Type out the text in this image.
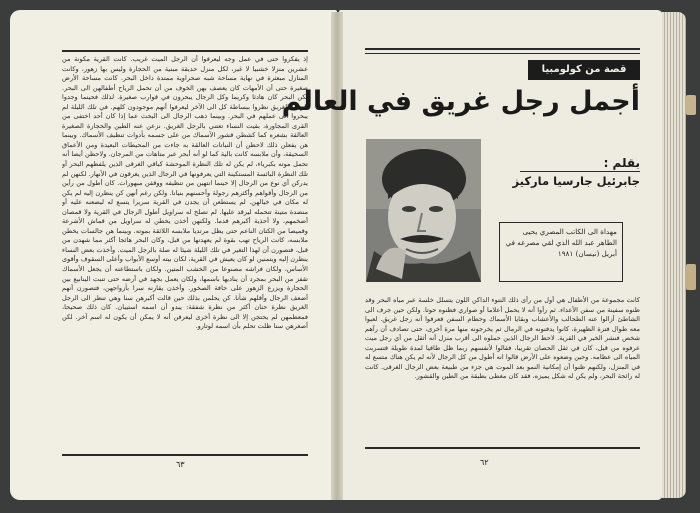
إذ يفكروا حتى في عمل وجه ليعرفوا أن الرجل الميت غريب. كانت القرية مكونة من عشرين منزلا خشبيا لا غير، لكل منزل حديقة مبنية من الحجارة وليس بها زهور، وكانت المنازل مبعثرة في نهاية مساحة شبه صحراوية ممتدة داخل البحر. كانت مساحة الأرض صغيرة حتى أن الأمهات كان يعصف بهن الخوف من أن تحمل الرياح أطفالهن الى البحر. لكن البحر كان هادئا وكريما وكل الرجال يبحرون في قوارب صغيرة. لذلك فحينما وجدوا الرجل الغريق نظروا ببساطة كل الى الآخر ليعرفوا أنهم موجودون كلهم. في تلك الليلة لم يبحروا الى عملهم في البحر. وبينما ذهب الرجال الى البحث عما إذا كان أحد اختفى من القرى المجاورة، بقيت النساء تعتني بالرجل الغريق. نزعن عنه الطين والحجارة الصغيرة العالقة بشعره كما كشطن قشور الأسماك من على جسمه بأدوات تنظيف الأسماك. وبينما هن يفعلن ذلك لاحظن أن النباتات العالقة به جاءت من المحيطات البعيدة ومن الأعماق السحيقة، وأن ملابسه كانت بالية كما لو أنه أبحر عبر متاهات من المرجان. ولاحظن أيضا أنه تحمل موته بكبرياء، لم يكن له تلك النظرة الموحشة كباقي الغرقى الذين يلفظهم البحر أو تلك النظرة البائسة المستكينة التي يعرفونها في الرجال الذين يغرقون في الأنهار. لكنهن لم يدركن أي نوع من الرجال إلا حينما انتهين من تنظيفه ووقفن مبهورات. كان أطول من رأين من الرجال وأقواهم وأكثرهم رجولة وأحسنهم بنيانا. ولكن رغم أنهن كن ينظرن إليه لم يكن له مكان في خيالهن. لم يستطعن أن يجدن في القرية سريرا يتسع له ليضعنه عليه أو منضدة متينة تتحمله ليرقد عليها. لم تصلح له سراويل أطول الرجال في القرية ولا قمصان أضخمهم، ولا أحذية أكبرهم قدما. ولكنهن أخذن يخطن له سراويل من قماش الأشرعة وقميصا من الكتان الناعم حتى يظل مرتديا ملابسه اللائقة بموته. وبينما هن جالسات يخطن ملابسه، كانت الرياح تهب بقوة لم يعهدنها من قبل، وكان البحر هائجا أكثر مما شهدن من قبل، فتصورن أن لهذا التغير في تلك الليلة شيئا له صلة بالرجل الميت. وأخذت بعض النساء ينظرن إليه ويتمنين لو كان يعيش في القرية، لكان بيته أوسع الأبواب وأعلى السقوف وأقوى الأساس، ولكان فراشه مصنوعا من الخشب المتين. ولكان باستطاعته أن يجعل الأسماك تقفز من البحر بمجرد أن يناديها باسمها، ولكان يعمل بجهد في أرضه حتى تنبت الينابيع بين الحجارة ويزرع الزهور على حافة الصخور. وأخذن يقارنه سرا بأزواجهن، فتصورن أنهم أضعف الرجال وأقلهم شأنا. كن يحلمن بذلك حين قالت أكبرهن سنا وهي تنظر الى الرجل الغريق نظرة حنان أكثر من نظرة شفقة: يبدو أن اسمه استيبان. كان ذلك صحيحا، فمعظمهن لم يحتجن إلا الى نظرة أخرى ليعرفن أنه لا يمكن أن يكون له اسم آخر. لكن أصغرهن سنا ظلت تحلم بأن اسمه لوتارو.
٦٣
قصة من كولومبيا
أجمل رجل غريق في العالم
بقلم :
جابرئيل جارسيا ماركيز
مهداة الى الكاتب المصري يحيى الطاهر عبد الله الذي لقي مصرعه في أبريل (نيسان) ١٩٨١
كانت مجموعة من الأطفال هي أول من رأى ذلك النتوء الداكن اللون يتسلل خلسة عبر مياه البحر وقد ظنوه سفينة من سفن الأعداء. ثم رأوا أنه لا يحمل أعلاما أو صواري فظنوه حوتا. ولكن حين جرف الى الشاطئ أزالوا عنه الطحالب والأعشاب وبقايا الأسماك وحطام السفن فعرفوا أنه رجل غريق. لعبوا معه طوال فترة الظهيرة، كانوا يدفنونه في الرمال ثم يخرجونه منها مرة أخرى، حتى تصادف أن رآهم شخص فنشر الخبر في القرية. لاحظ الرجال الذين حملوه الى أقرب منزل أنه أثقل من أي رجل ميت عرفوه من قبل، كان في ثقل الحصان تقريبا، فقالوا لأنفسهم ربما ظل طافيا لمدة طويلة فتسربت المياه الى عظامه. وحين وضعوه على الأرض قالوا انه أطول من كل الرجال لأنه لم يكن هناك متسع له في المنزل، ولكنهم ظنوا أن إمكانية النمو بعد الموت هي جزء من طبيعة بعض الرجال الغرقى. كانت له رائحة البحر، ولم يكن له شكل يميزه، فقد كان مغطى بطبقة من الطين والقشور.
٦٢
